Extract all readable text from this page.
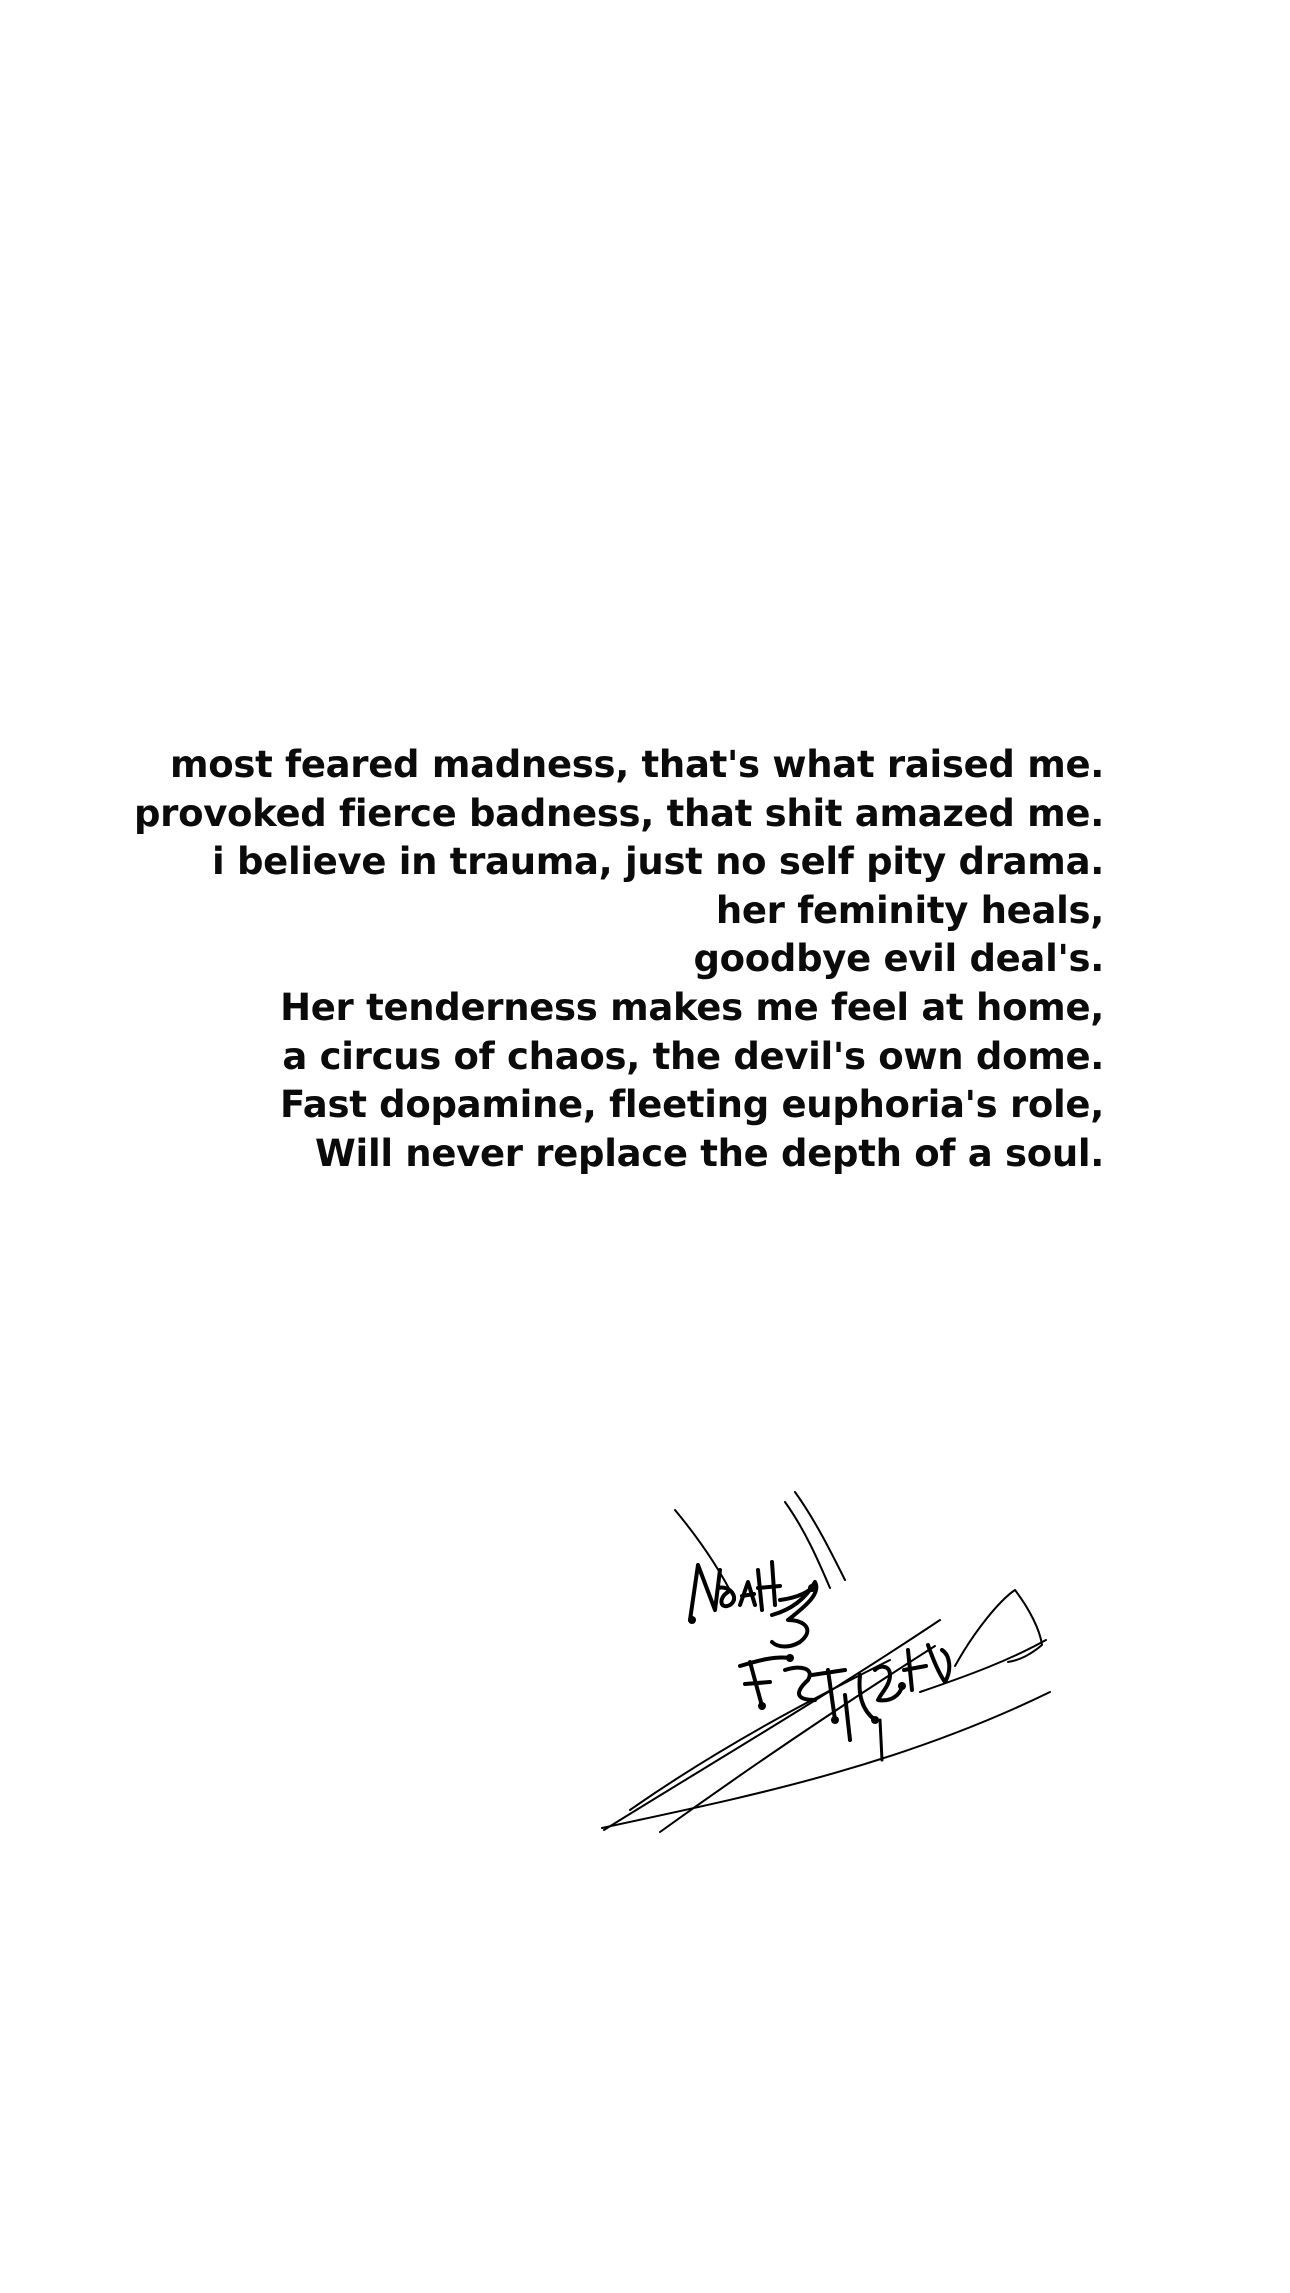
most feared madness, that's what raised me.
provoked fierce badness, that shit amazed me.
i believe in trauma, just no self pity drama.
her feminity heals,
goodbye evil deal's.
Her tenderness makes me feel at home,
a circus of chaos, the devil's own dome.
Fast dopamine, fleeting euphoria's role,
Will never replace the depth of a soul.
